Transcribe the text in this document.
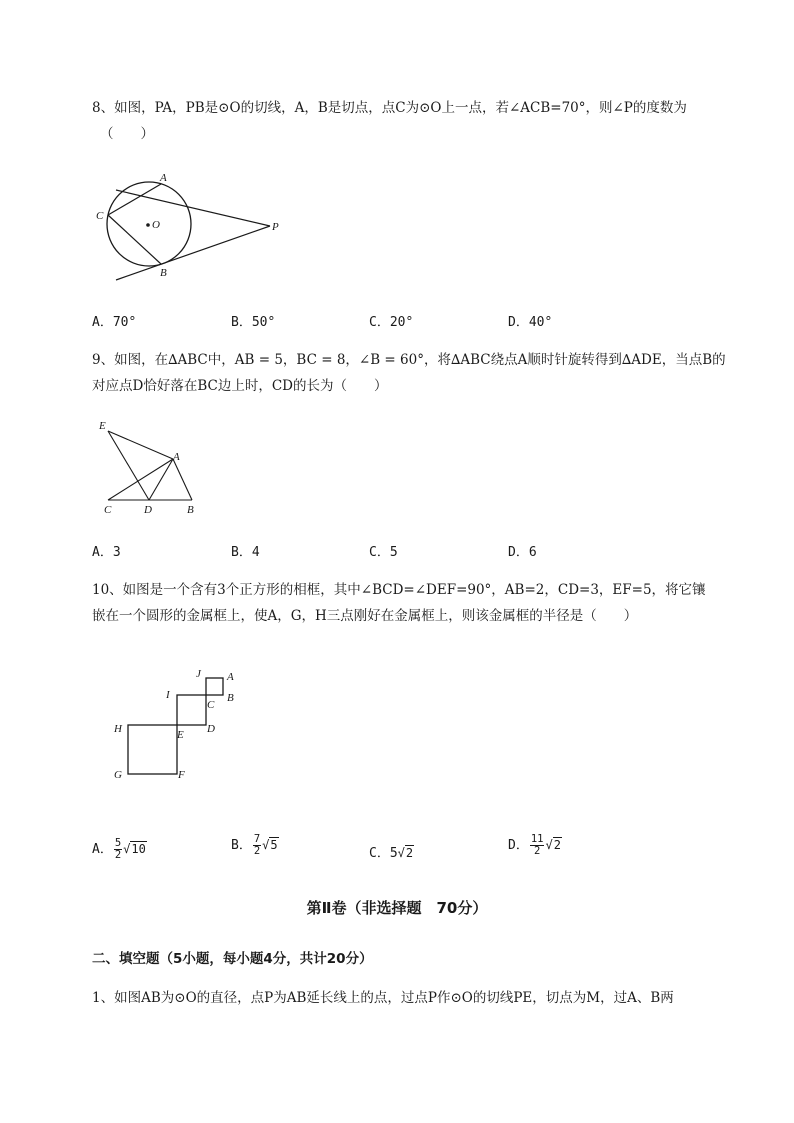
8、如图，PA，PB是⊙O的切线，A，B是切点，点C为⊙O上一点，若∠ACB=70°，则∠P的度数为
（　　）
A
B
C
O	P
A．70°	B．50°	C．20°	D．40°
9、如图，在∆ABC中，AB = 5，BC = 8，∠B = 60°，将∆ABC绕点A顺时针旋转得到∆ADE，当点B的
对应点D恰好落在BC边上时，CD的长为（　　）
E
A
C	D	B
A．3	B．4	C．5	D．6
10、如图是一个含有3个正方形的相框，其中∠BCD=∠DEF=90°，AB=2，CD=3，EF=5，将它镶
嵌在一个圆形的金属框上，使A，G，H三点刚好在金属框上，则该金属框的半径是（　　）
J A
B
I
C
H	E D
G	F
A． $\frac{5}{2} √10$	B． $\frac{7}{2} √5$
C．5√2	D． $\frac{11}{2} √2$
第Ⅱ卷（非选择题　70分）
二、填空题（5小题，每小题4分，共计20分）
1、如图AB为⊙O的直径，点P为AB延长线上的点，过点P作⊙O的切线PE，切点为M，过A、B两
